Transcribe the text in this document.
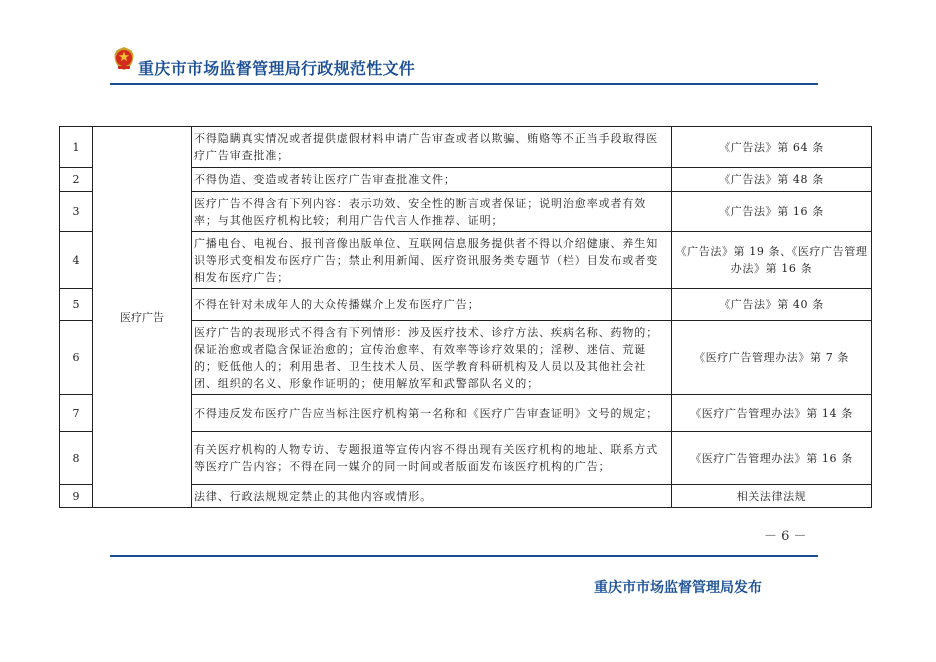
重庆市市场监督管理局行政规范性文件
1	医疗广告	不得隐瞒真实情况或者提供虚假材料申请广告审查或者以欺骗、贿赂等不正当手段取得医疗广告审查批准；	《广告法》第 64 条
2		不得伪造、变造或者转让医疗广告审查批准文件；	《广告法》第 48 条
3		医疗广告不得含有下列内容：表示功效、安全性的断言或者保证；说明治愈率或者有效率；与其他医疗机构比较；利用广告代言人作推荐、证明；	《广告法》第 16 条
4		广播电台、电视台、报刊音像出版单位、互联网信息服务提供者不得以介绍健康、养生知识等形式变相发布医疗广告；禁止利用新闻、医疗资讯服务类专题节（栏）目发布或者变相发布医疗广告；	《广告法》第 19 条、《医疗广告管理办法》第 16 条
5		不得在针对未成年人的大众传播媒介上发布医疗广告；	《广告法》第 40 条
6		医疗广告的表现形式不得含有下列情形：涉及医疗技术、诊疗方法、疾病名称、药物的；保证治愈或者隐含保证治愈的；宣传治愈率、有效率等诊疗效果的；淫秽、迷信、荒诞的；贬低他人的；利用患者、卫生技术人员、医学教育科研机构及人员以及其他社会社团、组织的名义、形象作证明的；使用解放军和武警部队名义的；	《医疗广告管理办法》第 7 条
7		不得违反发布医疗广告应当标注医疗机构第一名称和《医疗广告审查证明》文号的规定；	《医疗广告管理办法》第 14 条
8		有关医疗机构的人物专访、专题报道等宣传内容不得出现有关医疗机构的地址、联系方式等医疗广告内容；不得在同一媒介的同一时间或者版面发布该医疗机构的广告；	《医疗广告管理办法》第 16 条
9		法律、行政法规规定禁止的其他内容或情形。	相关法律法规
－ 6 －
重庆市市场监督管理局发布
